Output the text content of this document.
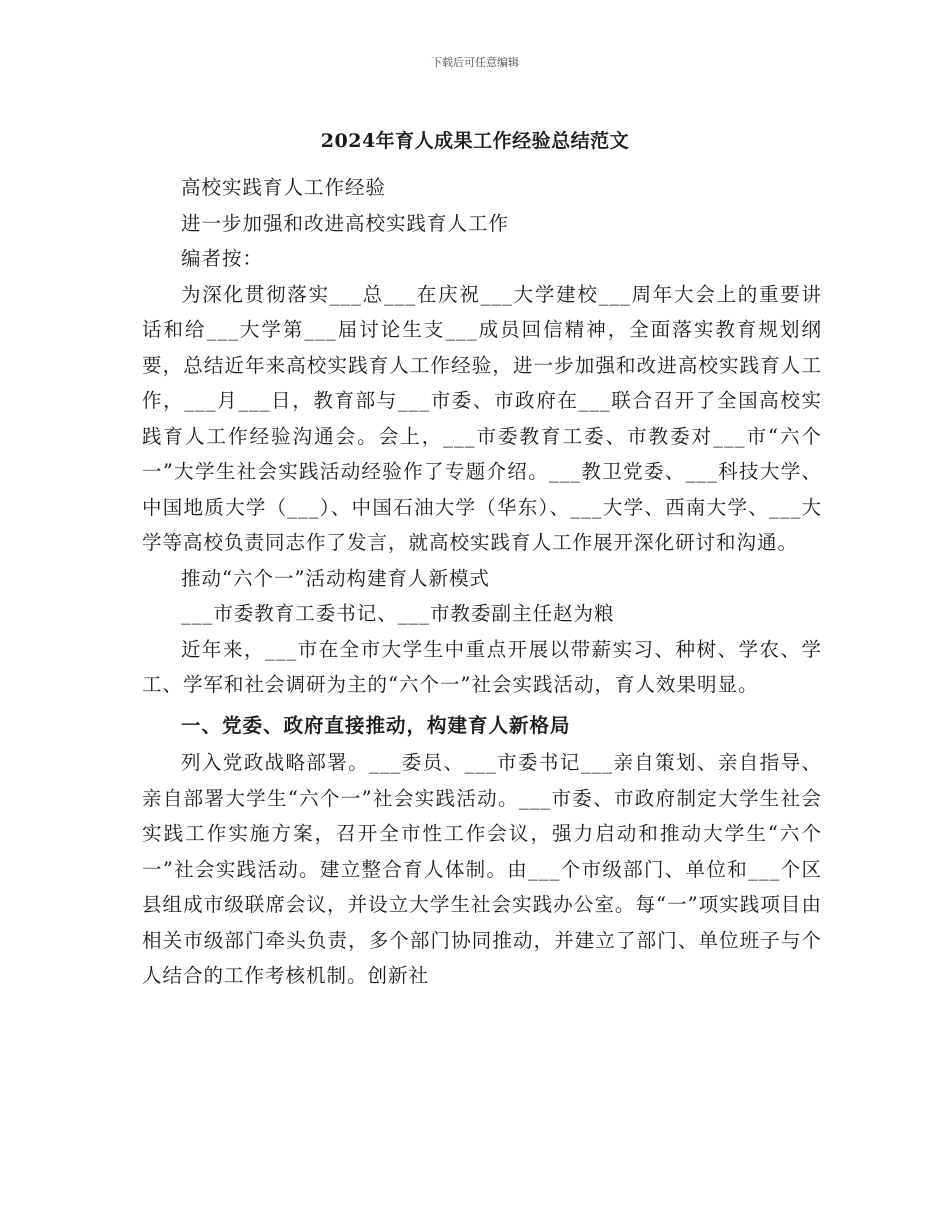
下载后可任意编辑
2024年育人成果工作经验总结范文

高校实践育人工作经验

进一步加强和改进高校实践育人工作

编者按：

为深化贯彻落实___总___在庆祝___大学建校___周年大会上的重要讲话和给___大学第___届讨论生支___成员回信精神，全面落实教育规划纲要，总结近年来高校实践育人工作经验，进一步加强和改进高校实践育人工作，___月___日，教育部与___市委、市政府在___联合召开了全国高校实践育人工作经验沟通会。会上，___市委教育工委、市教委对___市“六个一”大学生社会实践活动经验作了专题介绍。___教卫党委、___科技大学、中国地质大学（___）、中国石油大学（华东）、___大学、西南大学、___大学等高校负责同志作了发言，就高校实践育人工作展开深化研讨和沟通。

推动“六个一”活动构建育人新模式

___市委教育工委书记、___市教委副主任赵为粮

近年来，___市在全市大学生中重点开展以带薪实习、种树、学农、学工、学军和社会调研为主的“六个一”社会实践活动，育人效果明显。

一、党委、政府直接推动，构建育人新格局

列入党政战略部署。___委员、___市委书记___亲自策划、亲自指导、亲自部署大学生“六个一”社会实践活动。___市委、市政府制定大学生社会实践工作实施方案，召开全市性工作会议，强力启动和推动大学生“六个一”社会实践活动。建立整合育人体制。由___个市级部门、单位和___个区县组成市级联席会议，并设立大学生社会实践办公室。每“一”项实践项目由相关市级部门牵头负责，多个部门协同推动，并建立了部门、单位班子与个人结合的工作考核机制。创新社
